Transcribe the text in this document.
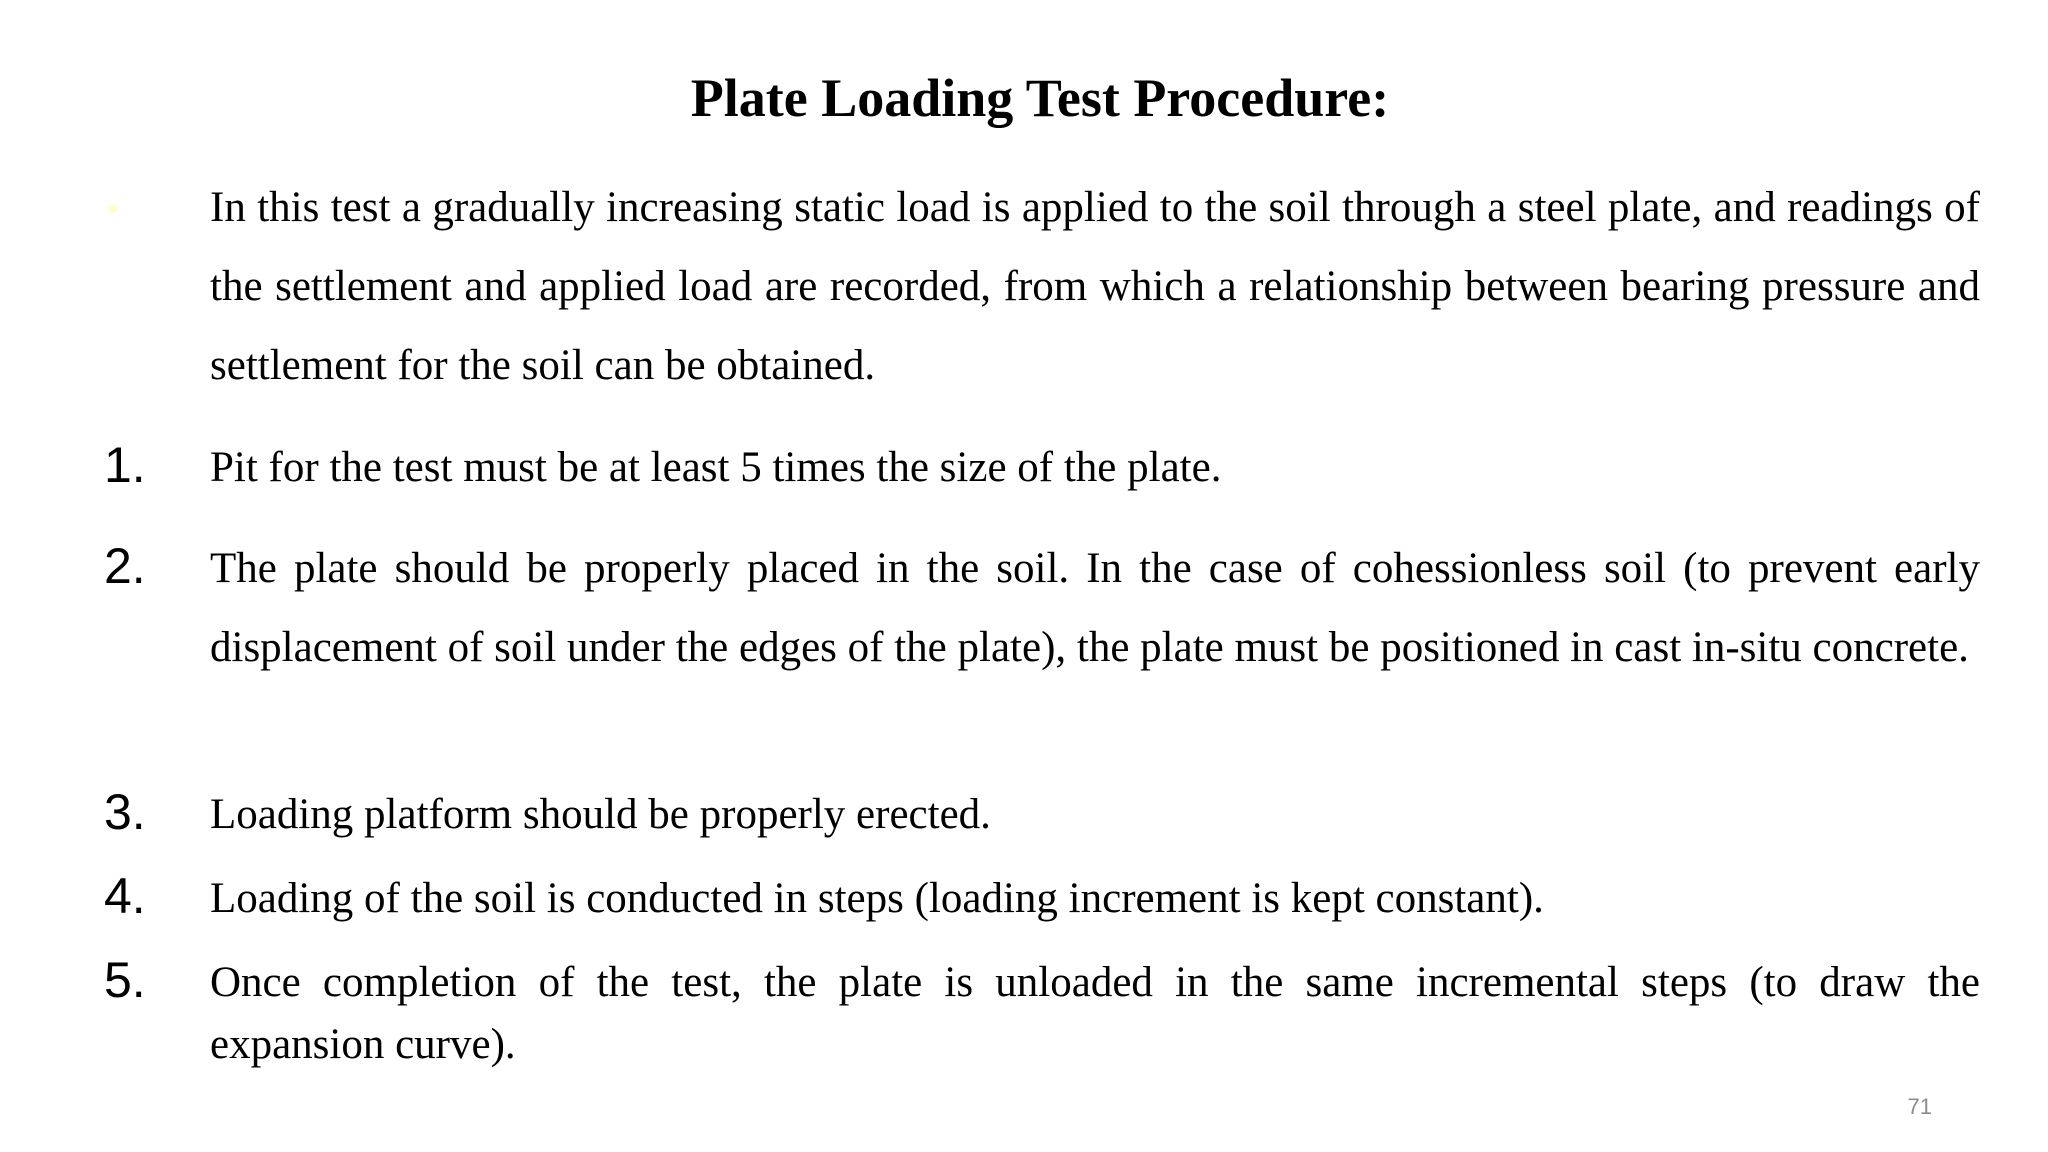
Plate Loading Test Procedure:
• In this test a gradually increasing static load is applied to the soil through a steel plate, and readings of the settlement and applied load are recorded, from which a relationship between bearing pressure and settlement for the soil can be obtained.
1. Pit for the test must be at least 5 times the size of the plate.
2. The plate should be properly placed in the soil. In the case of cohessionless soil (to prevent early displacement of soil under the edges of the plate), the plate must be positioned in cast in-situ concrete.
3. Loading platform should be properly erected.
4. Loading of the soil is conducted in steps (loading increment is kept constant).
5. Once completion of the test, the plate is unloaded in the same incremental steps (to draw the expansion curve).
71
